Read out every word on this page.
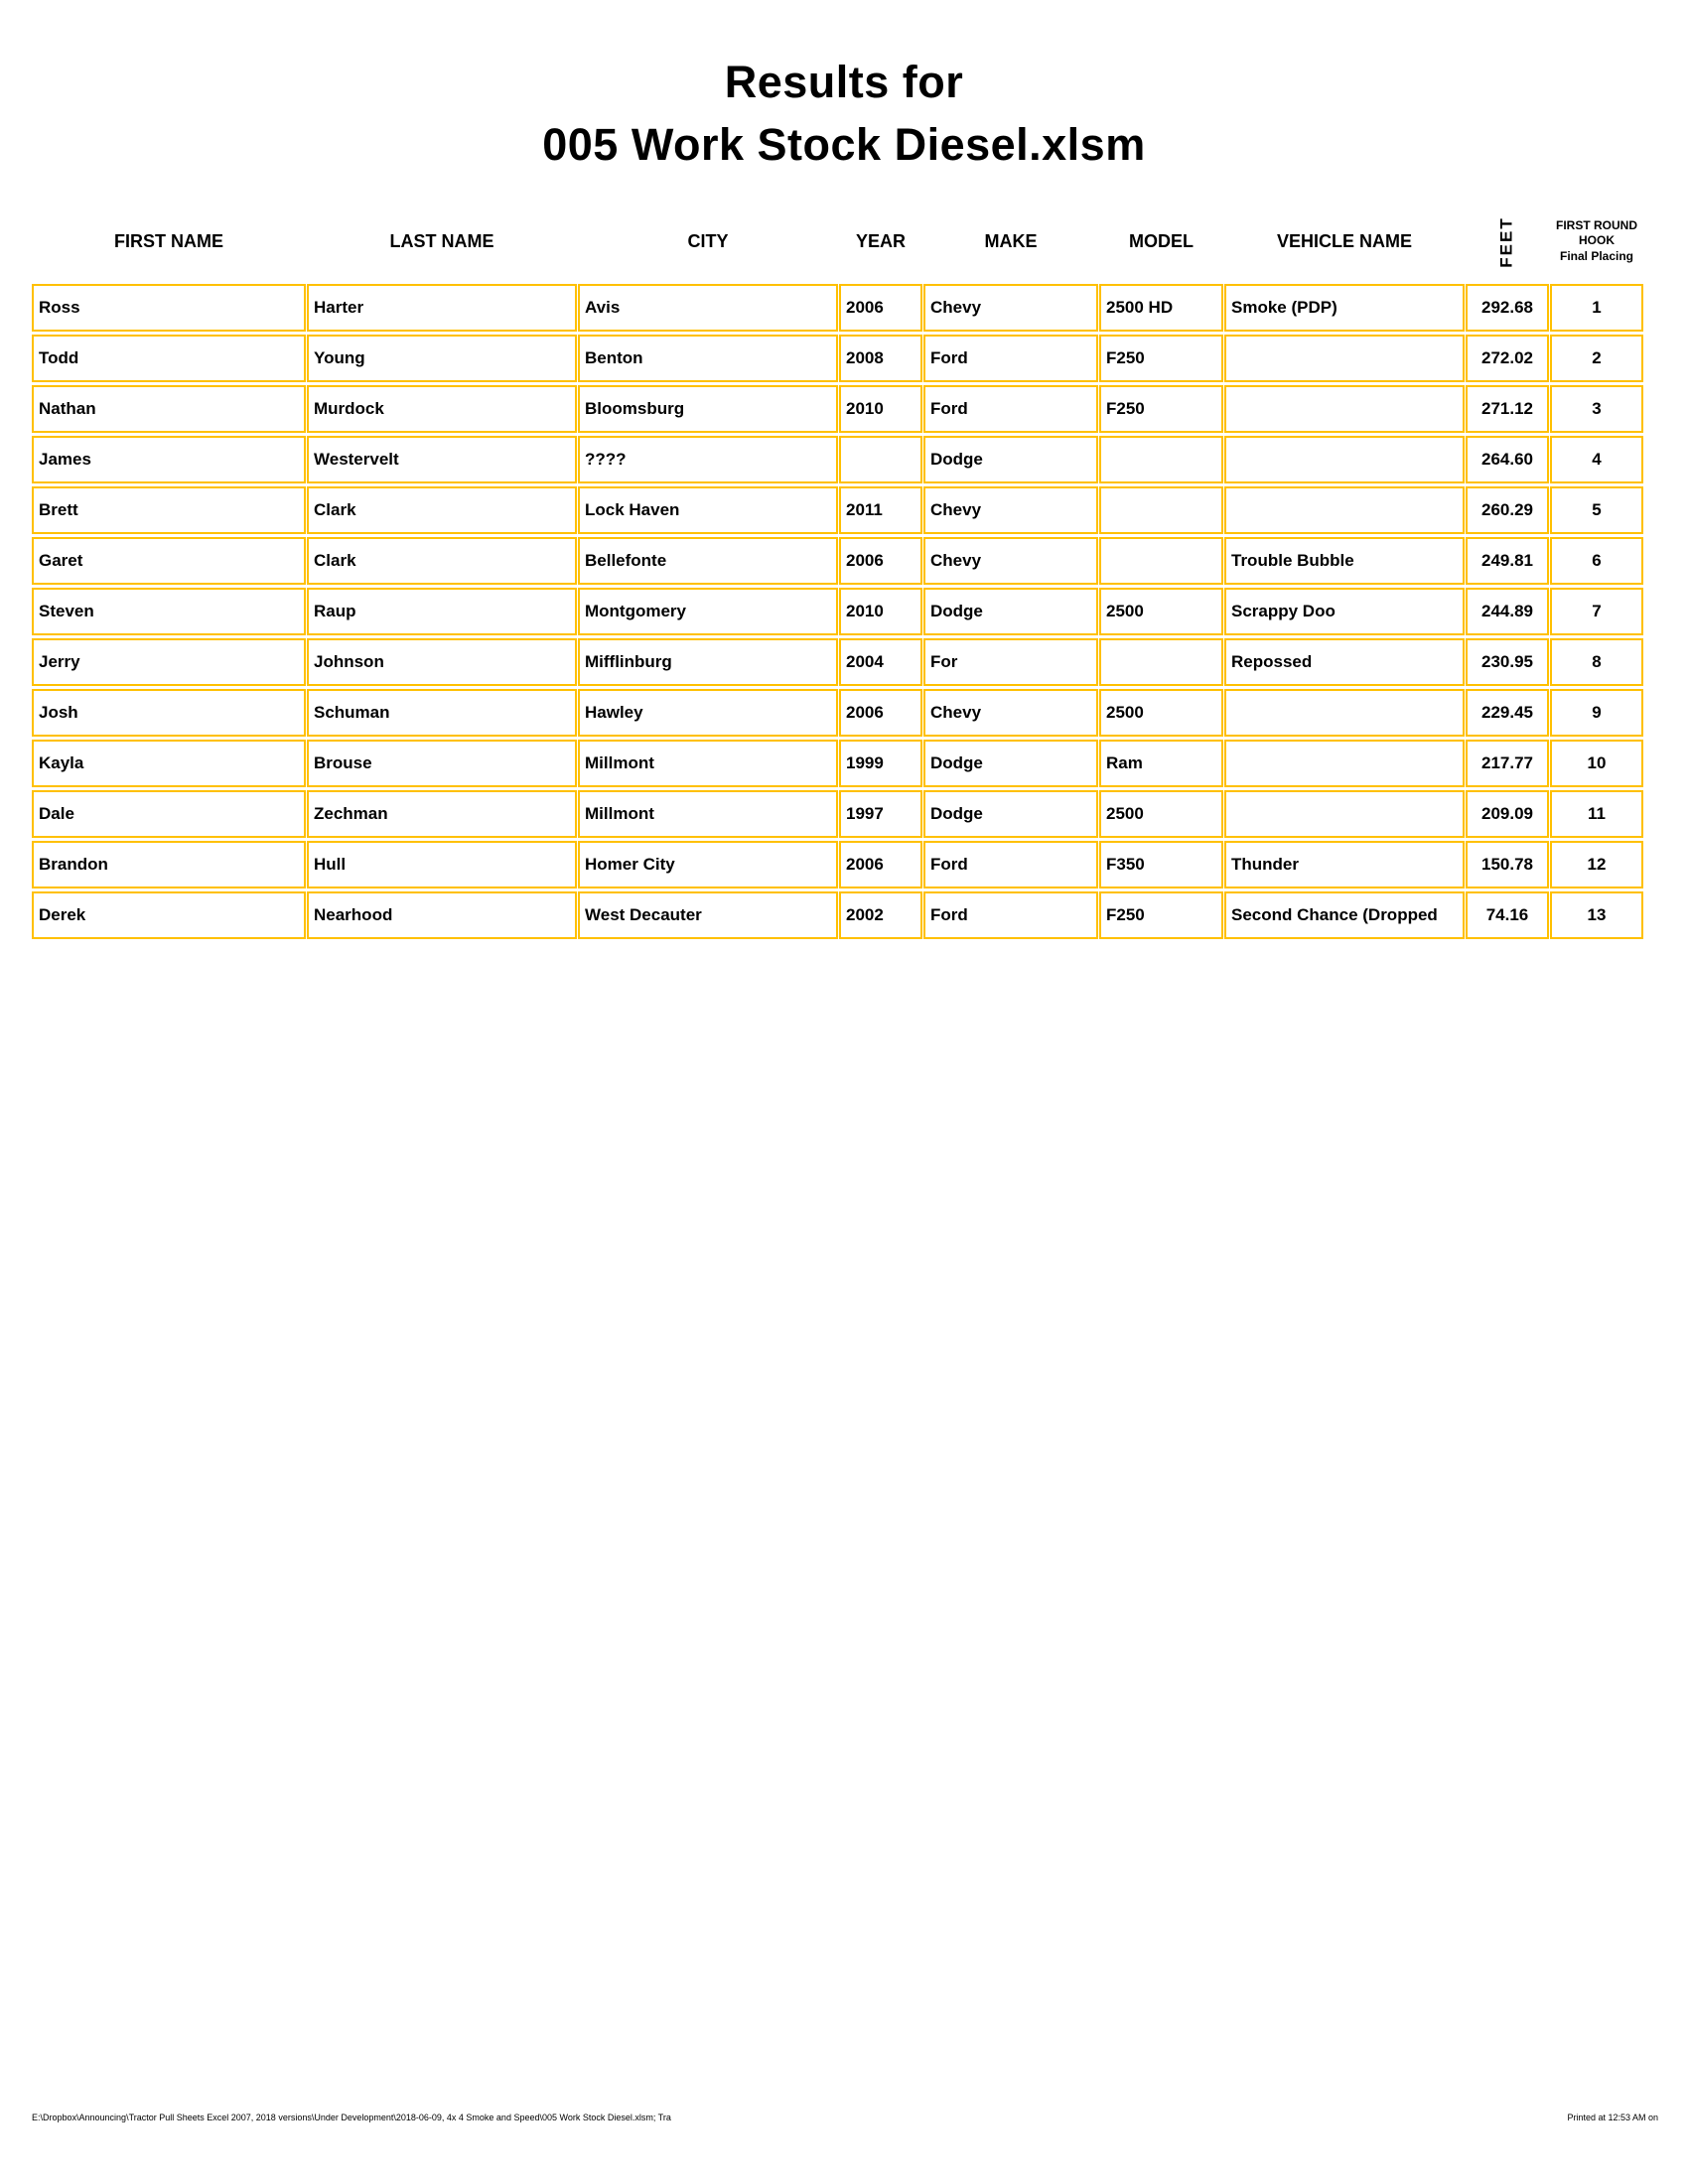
Results for
005 Work Stock Diesel.xlsm
FIRST NAME	LAST NAME	CITY	YEAR	MAKE	MODEL	VEHICLE NAME	FEET	FIRST ROUND
HOOK
Final Placing

Ross	Harter	Avis	2006	Chevy	2500 HD	Smoke (PDP)	292.68	1
Todd	Young	Benton	2008	Ford	F250		272.02	2
Nathan	Murdock	Bloomsburg	2010	Ford	F250		271.12	3
James	Westervelt	????		Dodge			264.60	4
Brett	Clark	Lock Haven	2011	Chevy			260.29	5
Garet	Clark	Bellefonte	2006	Chevy		Trouble Bubble	249.81	6
Steven	Raup	Montgomery	2010	Dodge	2500	Scrappy Doo	244.89	7
Jerry	Johnson	Mifflinburg	2004	For		Repossed	230.95	8
Josh	Schuman	Hawley	2006	Chevy	2500		229.45	9
Kayla	Brouse	Millmont	1999	Dodge	Ram		217.77	10
Dale	Zechman	Millmont	1997	Dodge	2500		209.09	11
Brandon	Hull	Homer City	2006	Ford	F350	Thunder	150.78	12
Derek	Nearhood	West Decauter	2002	Ford	F250	Second Chance (Dropped	74.16	13
E:\Dropbox\Announcing\Tractor Pull Sheets Excel 2007, 2018 versions\Under Development\2018-06-09, 4x 4 Smoke and Speed\005 Work Stock Diesel.xlsm; Tra	Printed at 12:53 AM on
